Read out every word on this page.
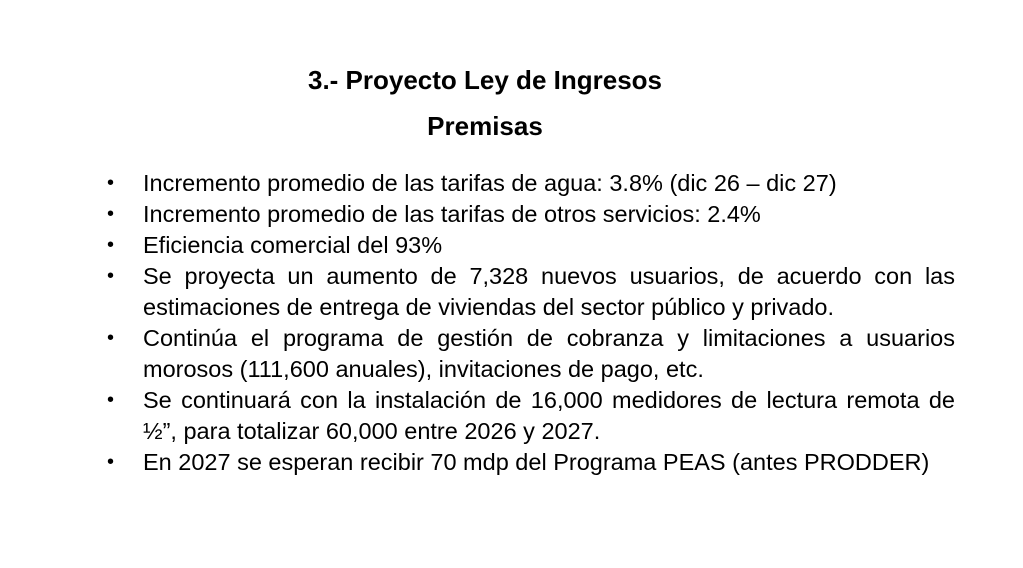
3.- Proyecto Ley de Ingresos
Premisas
• Incremento promedio de las tarifas de agua: 3.8% (dic 26 – dic 27)
• Incremento promedio de las tarifas de otros servicios: 2.4%
• Eficiencia comercial del 93%
• Se proyecta un aumento de 7,328 nuevos usuarios, de acuerdo con las estimaciones de entrega de viviendas del sector público y privado.
• Continúa el programa de gestión de cobranza y limitaciones a usuarios morosos (111,600 anuales), invitaciones de pago, etc.
• Se continuará con la instalación de 16,000 medidores de lectura remota de ½”, para totalizar 60,000 entre 2026 y 2027.
• En 2027 se esperan recibir 70 mdp del Programa PEAS (antes PRODDER)
